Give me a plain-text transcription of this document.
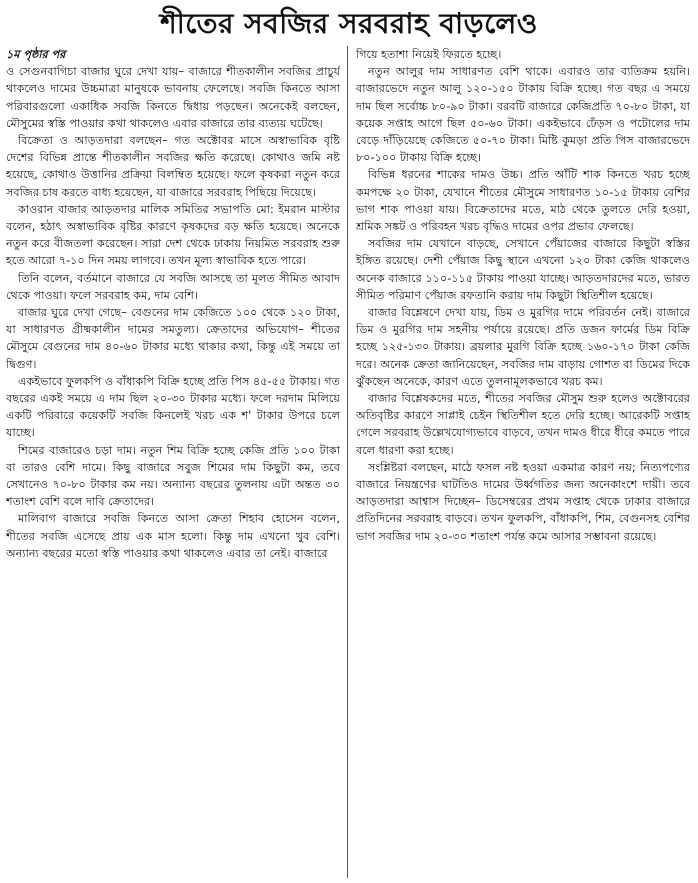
শীতের সবজির সরবরাহ বাড়লেও

১ম পৃষ্ঠার পর

ও সেগুনবাগিচা বাজার ঘুরে দেখা যায়– বাজারে শীতকালীন সবজির প্রাচুর্য থাকলেও দামের উচ্চমাত্রা মানুষকে ভাবনায় ফেলেছে। সবজি কিনতে আসা পরিবারগুলো একাধিক সবজি কিনতে দ্বিধায় পড়ছেন। অনেকেই বলছেন, মৌসুমের স্বস্তি পাওয়ার কথা থাকলেও এবার বাজারে তার ব্যত্যয় ঘটেছে।

বিক্রেতা ও আড়তদারা বলছেন– গত অক্টোবর মাসে অস্বাভাবিক বৃষ্টি দেশের বিভিন্ন প্রান্তে শীতকালীন সবজির ক্ষতি করেছে। কোথাও জমি নষ্ট হয়েছে, কোথাও উত্তানির প্রক্রিয়া বিলম্বিত হয়েছে। ফলে কৃষকরা নতুন করে সবজির চাষ করতে বাধ্য হয়েছেন, যা বাজারে সরবরাহ পিছিয়ে দিয়েছে।

কাওরান বাজার আড়তদার মালিক সমিতির সভাপতি মো: ইমরান মাস্টার বলেন, হঠাৎ অস্বাভাবিক বৃষ্টির কারণে কৃষকদের বড় ক্ষতি হয়েছে। অনেকে নতুন করে বীজতলা করেছেন। সারা দেশ থেকে ঢাকায় নিয়মিত সরবরাহ শুরু হতে আরো ৭-১০ দিন সময় লাগবে। তখন মূল্য স্বাভাবিক হতে পারে।

তিনি বলেন, বর্তমানে বাজারে যে সবজি আসছে তা মূলত সীমিত আবাদ থেকে পাওয়া। ফলে সরবরাহ কম, দাম বেশি।

বাজার ঘুরে দেখা গেছে– বেগুনের দাম কেজিতে ১০০ থেকে ১২০ টাকা, যা সাধারণত গ্রীষ্মকালীন দামের সমতুল্য। ক্রেতাদের অভিযোগ– শীতের মৌসুমে বেগুনের দাম ৪০-৬০ টাকার মধ্যে থাকার কথা, কিন্তু এই সময়ে তা দ্বিগুণ।

একইভাবে ফুলকপি ও বাঁধাকপি বিক্রি হচ্ছে প্রতি পিস ৪৫-৫৫ টাকায়। গত বছরের একই সময়ে এ দাম ছিল ২০-৩০ টাকার মধ্যে। ফলে দরদাম মিলিয়ে একটি পরিবারে কয়েকটি সবজি কিনলেই খরচ এক শ' টাকার উপরে চলে যাচ্ছে।

শিমের বাজারেও চড়া দাম। নতুন শিম বিক্রি হচ্ছে কেজি প্রতি ১০০ টাকা বা তারও বেশি দামে। কিছু বাজারে সবুজ শিমের দাম কিছুটা কম, তবে সেখানেও ৭০-৮০ টাকার কম নয়। অন্যান্য বছরের তুলনায় এটা অন্তত ৩০ শতাংশ বেশি বলে দাবি ক্রেতাদের।

মালিবাগ বাজারে সবজি কিনতে আসা ক্রেতা শিহাব হোসেন বলেন, শীতের সবজি এসেছে প্রায় এক মাস হলো। কিন্তু দাম এখনো খুব বেশি। অন্যান্য বছরের মতো স্বস্তি পাওয়ার কথা থাকলেও এবার তা নেই। বাজারে

গিয়ে হতাশা নিয়েই ফিরতে হচ্ছে।

নতুন আলুর দাম সাধারণত বেশি থাকে। এবারও তার ব্যতিক্রম হয়নি। বাজারভেদে নতুন আলু ১২০-১৫০ টাকায় বিক্রি হচ্ছে। গত বছর এ সময়ে দাম ছিল সর্বোচ্চ ৮০-৯০ টাকা। বরবটি বাজারে কেজিপ্রতি ৭০-৮০ টাকা, যা কয়েক সপ্তাহ আগে ছিল ৫০-৬০ টাকা। একইভাবে ঢেঁড়স ও পটোলের দাম বেড়ে দাঁড়িয়েছে কেজিতে ৫০-৭০ টাকা। মিষ্টি কুমড়া প্রতি পিস বাজারভেদে ৮০-১০০ টাকায় বিক্রি হচ্ছে।

বিভিন্ন ধরনের শাকের দামও উচ্চ। প্রতি আঁটি শাক কিনতে খরচ হচ্ছে কমপক্ষে ২০ টাকা, যেখানে শীতের মৌসুমে সাধারণত ১০-১৫ টাকায় বেশির ভাগ শাক পাওয়া যায়। বিক্রেতাদের মতে, মাঠ থেকে তুলতে দেরি হওয়া, শ্রমিক সঙ্কট ও পরিবহন খরচ বৃদ্ধিও দামের ওপর প্রভাব ফেলছে।

সবজির দাম যেখানে বাড়ছে, সেখানে পেঁয়াজের বাজারে কিছুটা স্বস্তির ইঙ্গিত রয়েছে। দেশী পেঁয়াজ কিছু স্থানে এখনো ১২০ টাকা কেজি থাকলেও অনেক বাজারে ১১০-১১৫ টাকায় পাওয়া যাচ্ছে। আড়তদারদের মতে, ভারত সীমিত পরিমাণ পেঁয়াজ রফতানি করায় দাম কিছুটা স্থিতিশীল হয়েছে।

বাজার বিশ্লেষণে দেখা যায়, ডিম ও মুরগির দামে পরিবর্তন নেই। বাজারে ডিম ও মুরগির দাম সহনীয় পর্যায়ে রয়েছে। প্রতি ডজন ফার্মের ডিম বিক্রি হচ্ছে ১২৫-১৩০ টাকায়। ব্রয়লার মুরগি বিক্রি হচ্ছে ১৬০-১৭০ টাকা কেজি দরে। অনেক ক্রেতা জানিয়েছেন, সবজির দাম বাড়ায় গোশত বা ডিমের দিকে ঝুঁকছেন অনেকে, কারণ এতে তুলনামূলকভাবে খরচ কম।

বাজার বিশ্লেষকদের মতে, শীতের সবজির মৌসুম শুরু হলেও অক্টোবরের অতিবৃষ্টির কারণে সাপ্লাই চেইন স্থিতিশীল হতে দেরি হচ্ছে। আরেকটি সপ্তাহ গেলে সরবরাহ উল্লেখযোগ্যভাবে বাড়বে, তখন দামও ধীরে ধীরে কমতে পারে বলে ধারণা করা হচ্ছে।

সংশ্লিষ্টরা বলছেন, মাঠে ফসল নষ্ট হওয়া একমাত্র কারণ নয়; নিত্যপণ্যের বাজারে নিয়ন্ত্রণের ঘাটতিও দামের উর্ধ্বগতির জন্য অনেকাংশে দায়ী। তবে আড়তদারা আশ্বাস দিচ্ছেন– ডিসেম্বরের প্রথম সপ্তাহ থেকে ঢাকার বাজারে প্রতিদিনের সরবরাহ বাড়বে। তখন ফুলকপি, বাঁধাকপি, শিম, বেগুনসহ বেশির ভাগ সবজির দাম ২০-৩০ শতাংশ পর্যন্ত কমে আসার সম্ভাবনা রয়েছে।
